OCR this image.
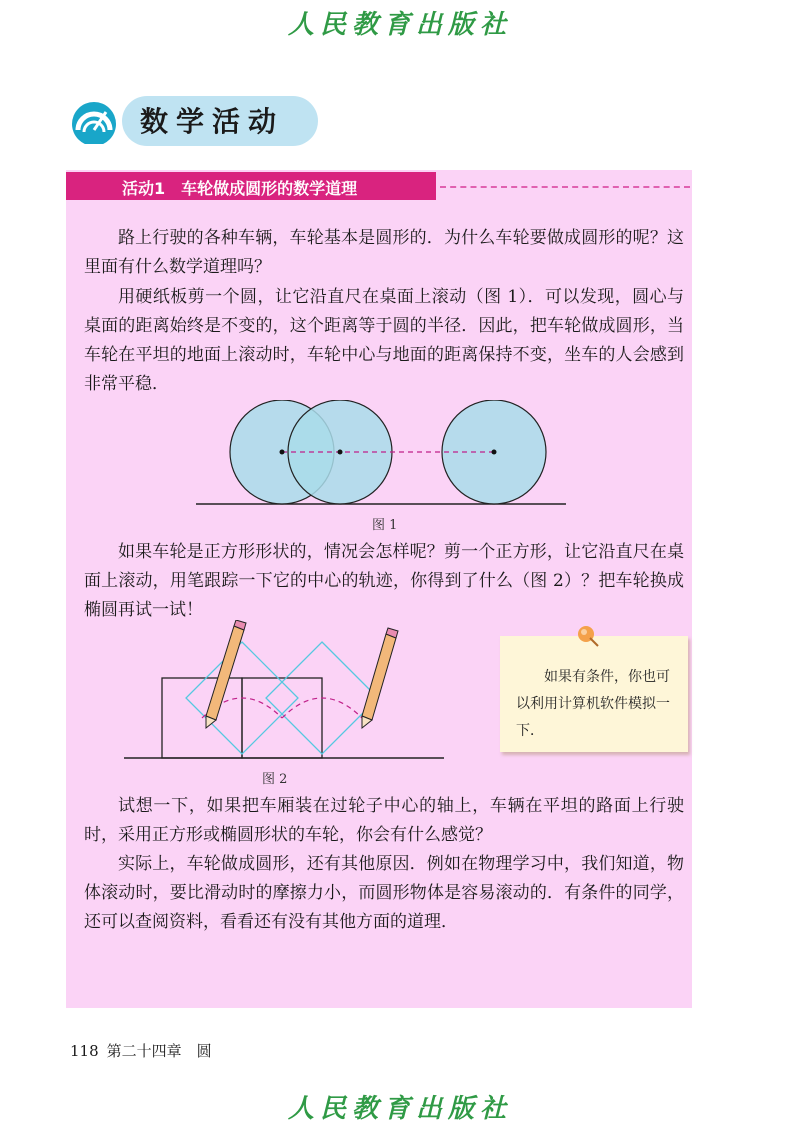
人民教育出版社
数学活动
活动1　车轮做成圆形的数学道理

路上行驶的各种车辆，车轮基本是圆形的．为什么车轮要做成圆形的呢？这里面有什么数学道理吗？

用硬纸板剪一个圆，让它沿直尺在桌面上滚动（图 1）．可以发现，圆心与桌面的距离始终是不变的，这个距离等于圆的半径．因此，把车轮做成圆形，当车轮在平坦的地面上滚动时，车轮中心与地面的距离保持不变，坐车的人会感到非常平稳．

图 1

如果车轮是正方形形状的，情况会怎样呢？剪一个正方形，让它沿直尺在桌面上滚动，用笔跟踪一下它的中心的轨迹，你得到了什么（图 2）？把车轮换成椭圆再试一试！

图 2
如果有条件，你也可以利用计算机软件模拟一下．

试想一下，如果把车厢装在过轮子中心的轴上，车辆在平坦的路面上行驶时，采用正方形或椭圆形状的车轮，你会有什么感觉？

实际上，车轮做成圆形，还有其他原因．例如在物理学习中，我们知道，物体滚动时，要比滑动时的摩擦力小，而圆形物体是容易滚动的．有条件的同学，还可以查阅资料，看看还有没有其他方面的道理．

118 第二十四章　圆
人民教育出版社
